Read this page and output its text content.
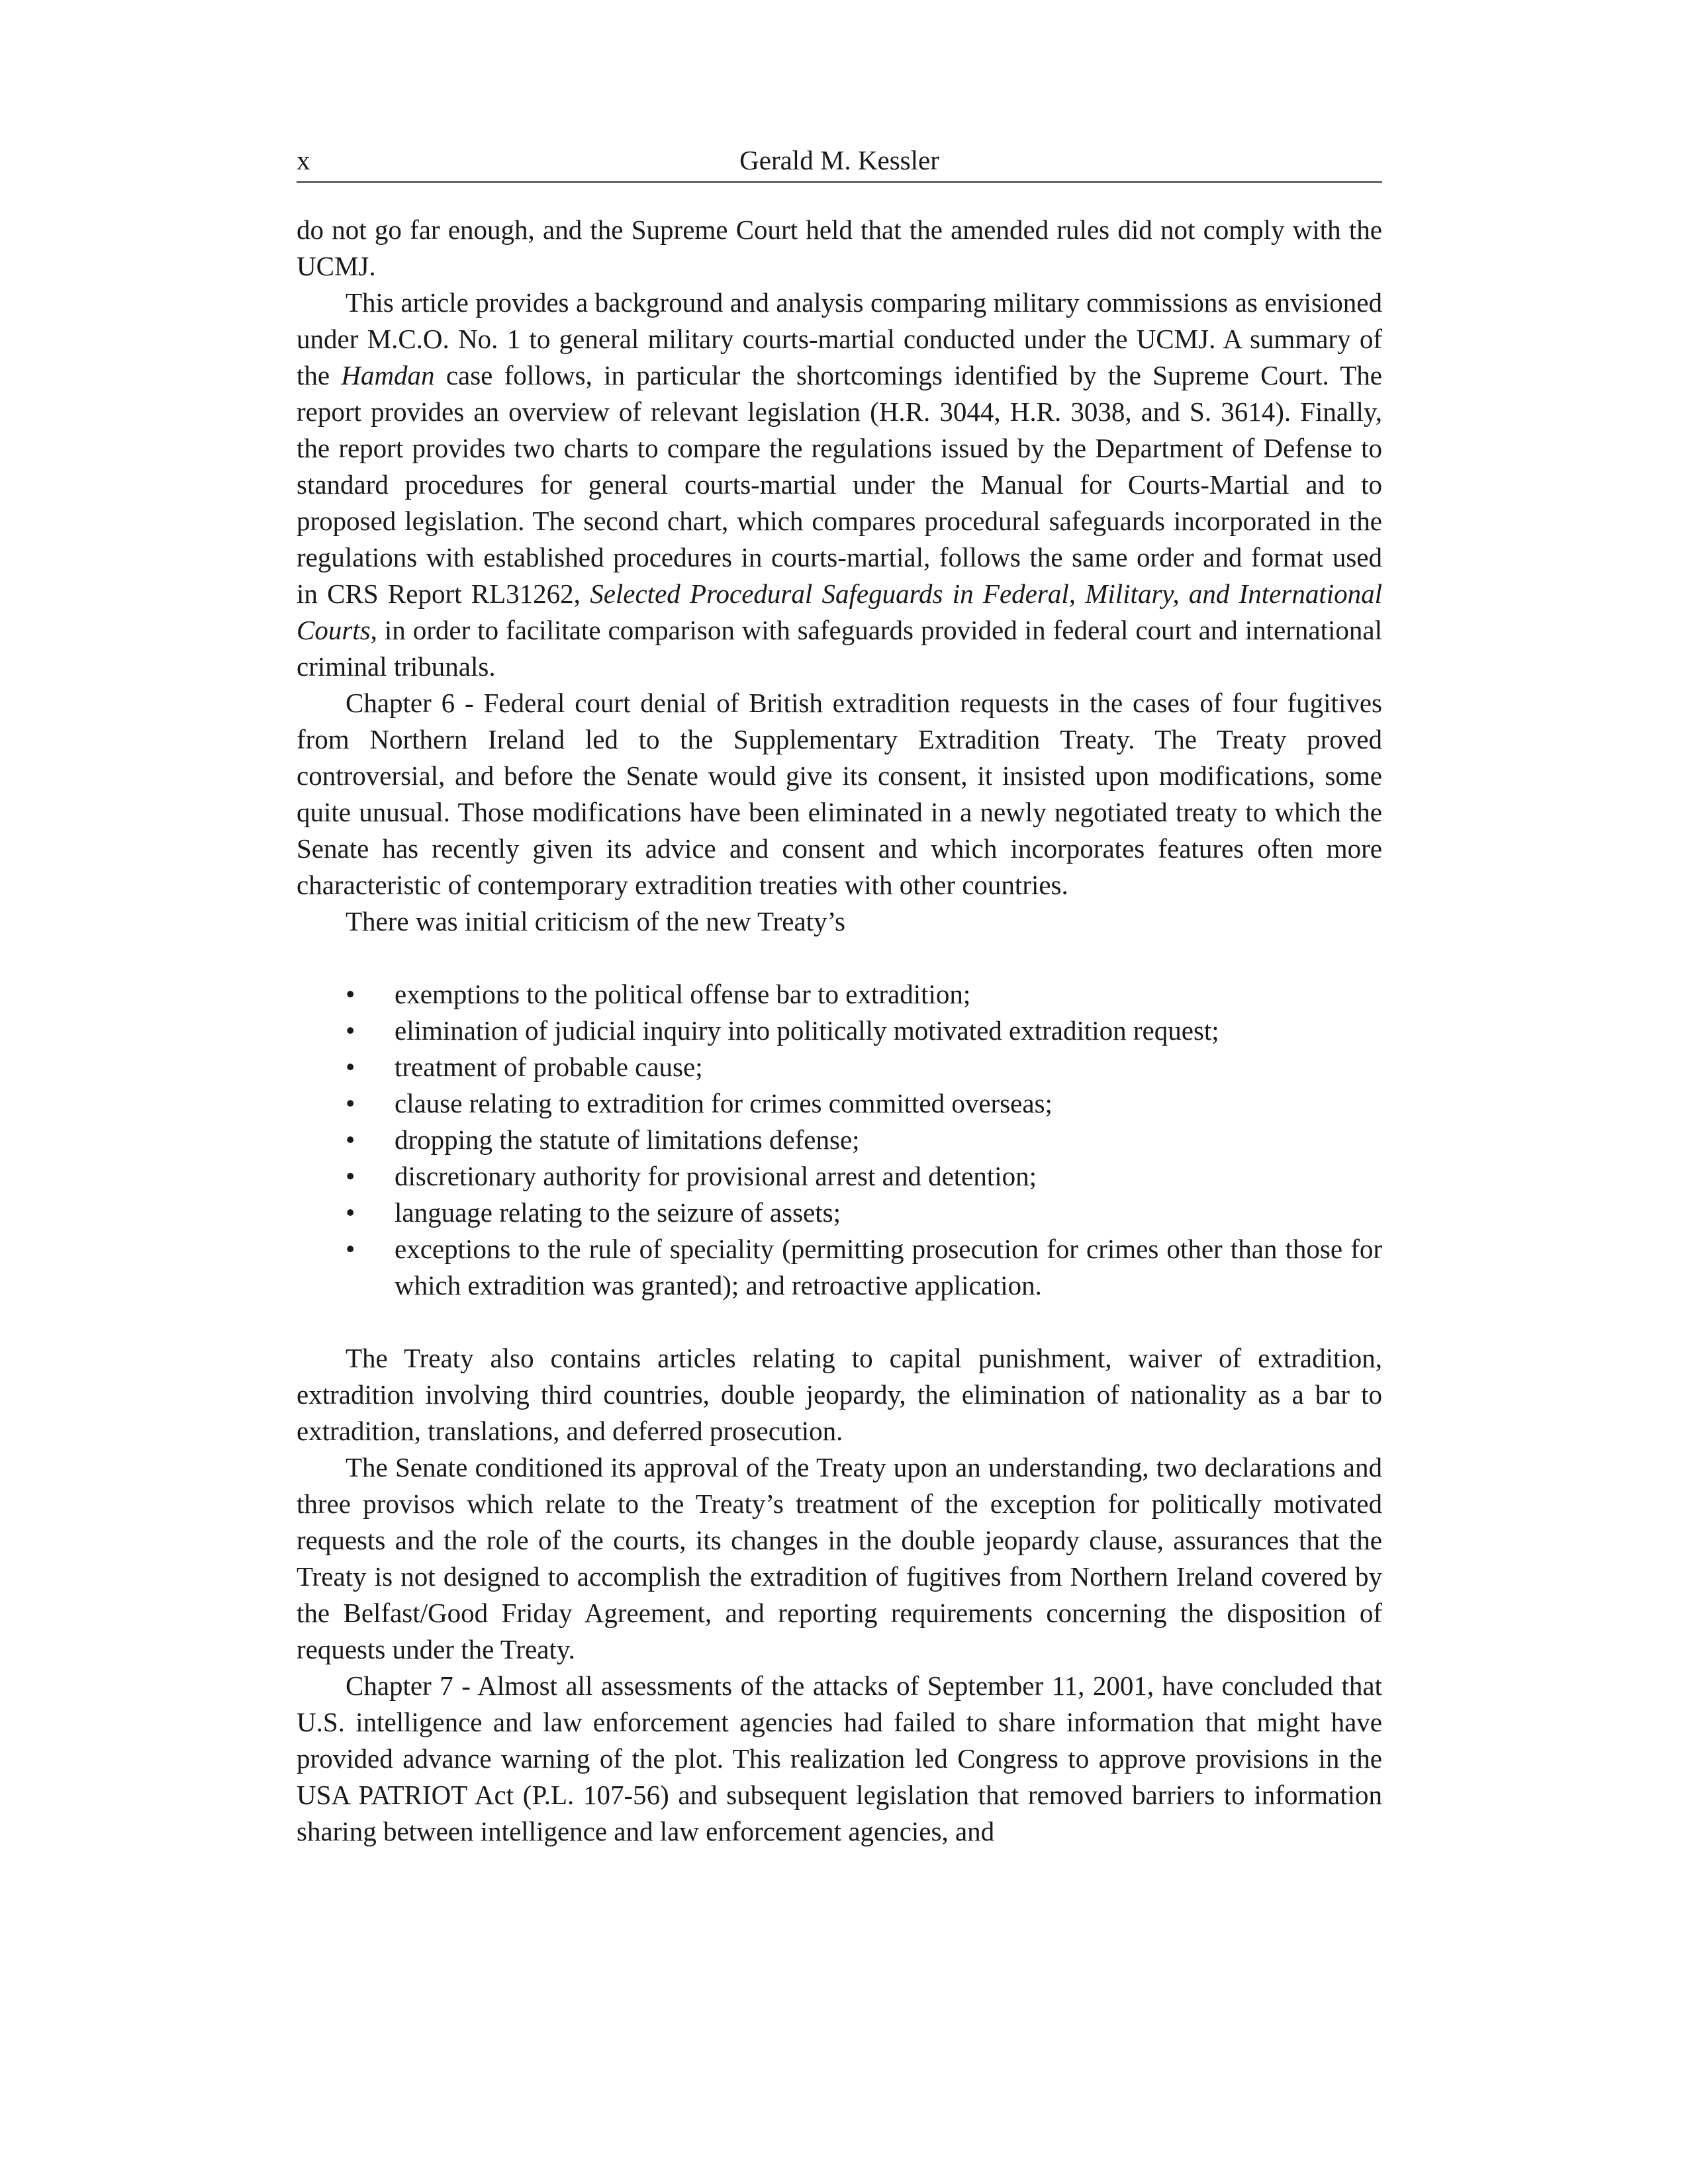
x	Gerald M. Kessler

do not go far enough, and the Supreme Court held that the amended rules did not comply with the UCMJ.

This article provides a background and analysis comparing military commissions as envisioned under M.C.O. No. 1 to general military courts-martial conducted under the UCMJ. A summary of the Hamdan case follows, in particular the shortcomings identified by the Supreme Court. The report provides an overview of relevant legislation (H.R. 3044, H.R. 3038, and S. 3614). Finally, the report provides two charts to compare the regulations issued by the Department of Defense to standard procedures for general courts-martial under the Manual for Courts-Martial and to proposed legislation. The second chart, which compares procedural safeguards incorporated in the regulations with established procedures in courts-martial, follows the same order and format used in CRS Report RL31262, Selected Procedural Safeguards in Federal, Military, and International Courts, in order to facilitate comparison with safeguards provided in federal court and international criminal tribunals.

Chapter 6 - Federal court denial of British extradition requests in the cases of four fugitives from Northern Ireland led to the Supplementary Extradition Treaty. The Treaty proved controversial, and before the Senate would give its consent, it insisted upon modifications, some quite unusual. Those modifications have been eliminated in a newly negotiated treaty to which the Senate has recently given its advice and consent and which incorporates features often more characteristic of contemporary extradition treaties with other countries.

There was initial criticism of the new Treaty’s

• exemptions to the political offense bar to extradition;
• elimination of judicial inquiry into politically motivated extradition request;
• treatment of probable cause;
• clause relating to extradition for crimes committed overseas;
• dropping the statute of limitations defense;
• discretionary authority for provisional arrest and detention;
• language relating to the seizure of assets;
• exceptions to the rule of speciality (permitting prosecution for crimes other than those for which extradition was granted); and retroactive application.

The Treaty also contains articles relating to capital punishment, waiver of extradition, extradition involving third countries, double jeopardy, the elimination of nationality as a bar to extradition, translations, and deferred prosecution.

The Senate conditioned its approval of the Treaty upon an understanding, two declarations and three provisos which relate to the Treaty’s treatment of the exception for politically motivated requests and the role of the courts, its changes in the double jeopardy clause, assurances that the Treaty is not designed to accomplish the extradition of fugitives from Northern Ireland covered by the Belfast/Good Friday Agreement, and reporting requirements concerning the disposition of requests under the Treaty.

Chapter 7 - Almost all assessments of the attacks of September 11, 2001, have concluded that U.S. intelligence and law enforcement agencies had failed to share information that might have provided advance warning of the plot. This realization led Congress to approve provisions in the USA PATRIOT Act (P.L. 107-56) and subsequent legislation that removed barriers to information sharing between intelligence and law enforcement agencies, and
